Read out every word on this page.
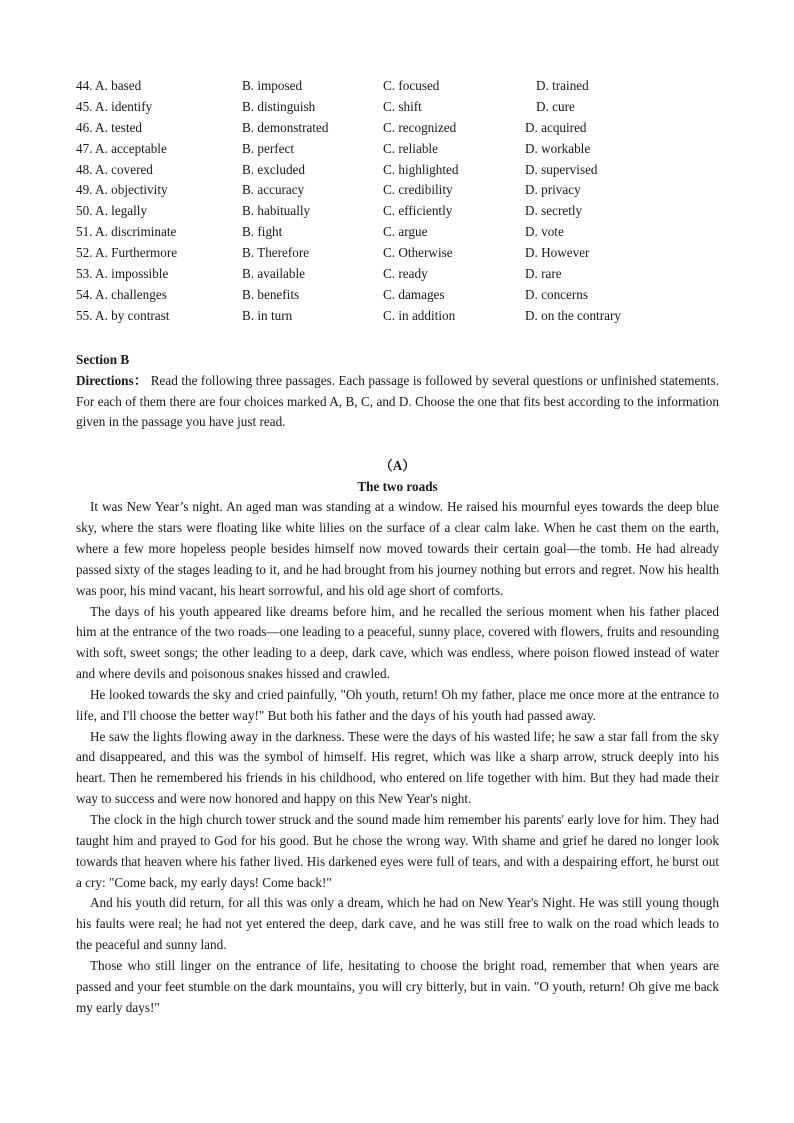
44. A. based	B. imposed	C. focused	D. trained
45. A. identify	B. distinguish	C. shift	D. cure
46. A. tested	B. demonstrated	C. recognized	D. acquired
47. A. acceptable	B. perfect	C. reliable	D. workable
48. A. covered	B. excluded	C. highlighted	D. supervised
49. A. objectivity	B. accuracy	C. credibility	D. privacy
50. A. legally	B. habitually	C. efficiently	D. secretly
51. A. discriminate	B. fight	C. argue	D. vote
52. A. Furthermore	B. Therefore	C. Otherwise	D. However
53. A. impossible	B. available	C. ready	D. rare
54. A. challenges	B. benefits	C. damages	D. concerns
55. A. by contrast	B. in turn	C. in addition	D. on the contrary
Section B
Directions： Read the following three passages. Each passage is followed by several questions or unfinished statements. For each of them there are four choices marked A, B, C, and D. Choose the one that fits best according to the information given in the passage you have just read.
（A）
The two roads

It was New Year’s night. An aged man was standing at a window. He raised his mournful eyes towards the deep blue sky, where the stars were floating like white lilies on the surface of a clear calm lake. When he cast them on the earth, where a few more hopeless people besides himself now moved towards their certain goal—the tomb. He had already passed sixty of the stages leading to it, and he had brought from his journey nothing but errors and regret. Now his health was poor, his mind vacant, his heart sorrowful, and his old age short of comforts.

The days of his youth appeared like dreams before him, and he recalled the serious moment when his father placed him at the entrance of the two roads—one leading to a peaceful, sunny place, covered with flowers, fruits and resounding with soft, sweet songs; the other leading to a deep, dark cave, which was endless, where poison flowed instead of water and where devils and poisonous snakes hissed and crawled.

He looked towards the sky and cried painfully, "Oh youth, return! Oh my father, place me once more at the entrance to life, and I'll choose the better way!" But both his father and the days of his youth had passed away.

He saw the lights flowing away in the darkness. These were the days of his wasted life; he saw a star fall from the sky and disappeared, and this was the symbol of himself. His regret, which was like a sharp arrow, struck deeply into his heart. Then he remembered his friends in his childhood, who entered on life together with him. But they had made their way to success and were now honored and happy on this New Year's night.

The clock in the high church tower struck and the sound made him remember his parents' early love for him. They had taught him and prayed to God for his good. But he chose the wrong way. With shame and grief he dared no longer look towards that heaven where his father lived. His darkened eyes were full of tears, and with a despairing effort, he burst out a cry: "Come back, my early days! Come back!"

And his youth did return, for all this was only a dream, which he had on New Year's Night. He was still young though his faults were real; he had not yet entered the deep, dark cave, and he was still free to walk on the road which leads to the peaceful and sunny land.

Those who still linger on the entrance of life, hesitating to choose the bright road, remember that when years are passed and your feet stumble on the dark mountains, you will cry bitterly, but in vain. "O youth, return! Oh give me back my early days!"
